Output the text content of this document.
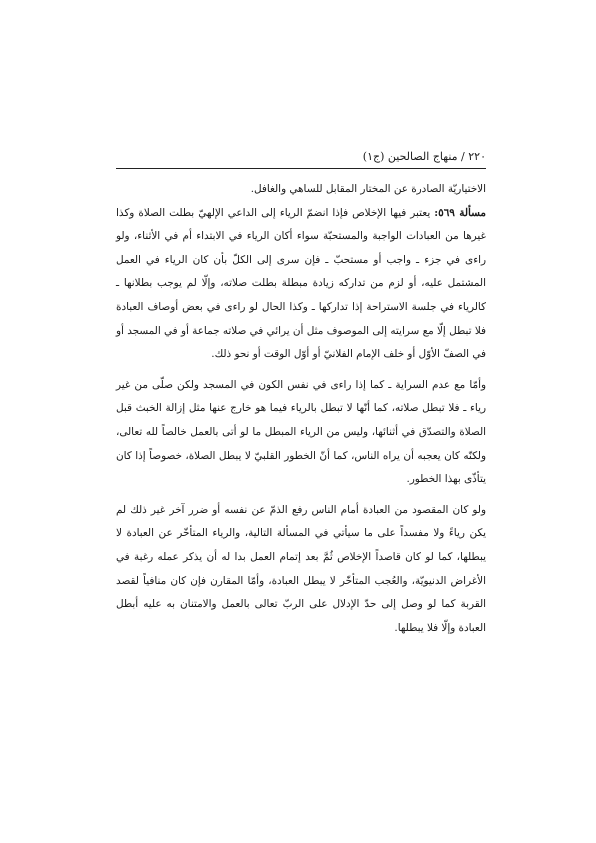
٢٢٠ / منهاج الصالحين (ج١)

الاختياريّة الصادرة عن المختار المقابل للساهي والغافل.

مسألة ٥٦٩: يعتبر فيها الإخلاص فإذا انضمّ الرياء إلى الداعي الإلهيّ بطلت الصلاة وكذا غيرها من العبادات الواجبة والمستحبّة سواء أكان الرياء في الابتداء أم في الأثناء، ولو راءى في جزء ـ واجب أو مستحبّ ـ فإن سرى إلى الكلّ بأن كان الرياء في العمل المشتمل عليه، أو لزم من تداركه زيادة مبطلة بطلت صلاته، وإلّا لم يوجب بطلانها ـ كالرياء في جلسة الاستراحة إذا تداركها ـ وكذا الحال لو راءى في بعض أوصاف العبادة فلا تبطل إلّا مع سرايته إلى الموصوف مثل أن يرائي في صلاته جماعة أو في المسجد أو في الصفّ الأوّل أو خلف الإمام الفلانيّ أو أوّل الوقت أو نحو ذلك.

وأمّا مع عدم السراية ـ كما إذا راءى في نفس الكون في المسجد ولكن صلّى من غير رياء ـ فلا تبطل صلاته، كما أنّها لا تبطل بالرياء فيما هو خارج عنها مثل إزالة الخبث قبل الصلاة والتصدّق في أثنائها، وليس من الرياء المبطل ما لو أتى بالعمل خالصاً لله تعالى، ولكنّه كان يعجبه أن يراه الناس، كما أنّ الخطور القلبيّ لا يبطل الصلاة، خصوصاً إذا كان يتأذّى بهذا الخطور.

ولو كان المقصود من العبادة أمام الناس رفع الذمّ عن نفسه أو ضرر آخر غير ذلك لم يكن رياءً ولا مفسداً على ما سيأتي في المسألة التالية، والرياء المتأخّر عن العبادة لا يبطلها، كما لو كان قاصداً الإخلاص ثُمَّ بعد إتمام العمل بدا له أن يذكر عمله رغبة في الأغراض الدنيويّة، والعُجب المتأخّر لا يبطل العبادة، وأمّا المقارن فإن كان منافياً لقصد القربة كما لو وصل إلى حدّ الإدلال على الربّ تعالى بالعمل والامتنان به عليه أبطل العبادة وإلّا فلا يبطلها.
